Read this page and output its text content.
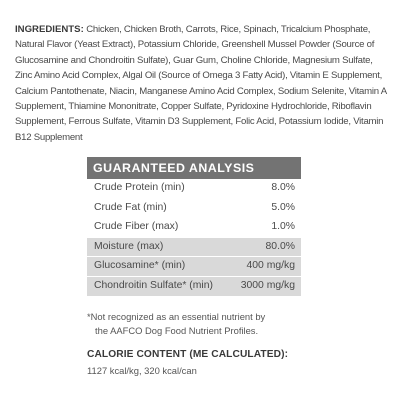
INGREDIENTS: Chicken, Chicken Broth, Carrots, Rice, Spinach, Tricalcium Phosphate, Natural Flavor (Yeast Extract), Potassium Chloride, Greenshell Mussel Powder (Source of Glucosamine and Chondroitin Sulfate), Guar Gum, Choline Chloride, Magnesium Sulfate, Zinc Amino Acid Complex, Algal Oil (Source of Omega 3 Fatty Acid), Vitamin E Supplement, Calcium Pantothenate, Niacin, Manganese Amino Acid Complex, Sodium Selenite, Vitamin A Supplement, Thiamine Mononitrate, Copper Sulfate, Pyridoxine Hydrochloride, Riboflavin Supplement, Ferrous Sulfate, Vitamin D3 Supplement, Folic Acid, Potassium Iodide, Vitamin B12 Supplement
GUARANTEED ANALYSIS
Crude Protein (min)	8.0%
Crude Fat (min)	5.0%
Crude Fiber (max)	1.0%
Moisture (max)	80.0%
Glucosamine* (min)	400 mg/kg
Chondroitin Sulfate* (min)	3000 mg/kg
*Not recognized as an essential nutrient by
the AAFCO Dog Food Nutrient Profiles.
CALORIE CONTENT (ME CALCULATED):
1127 kcal/kg, 320 kcal/can
